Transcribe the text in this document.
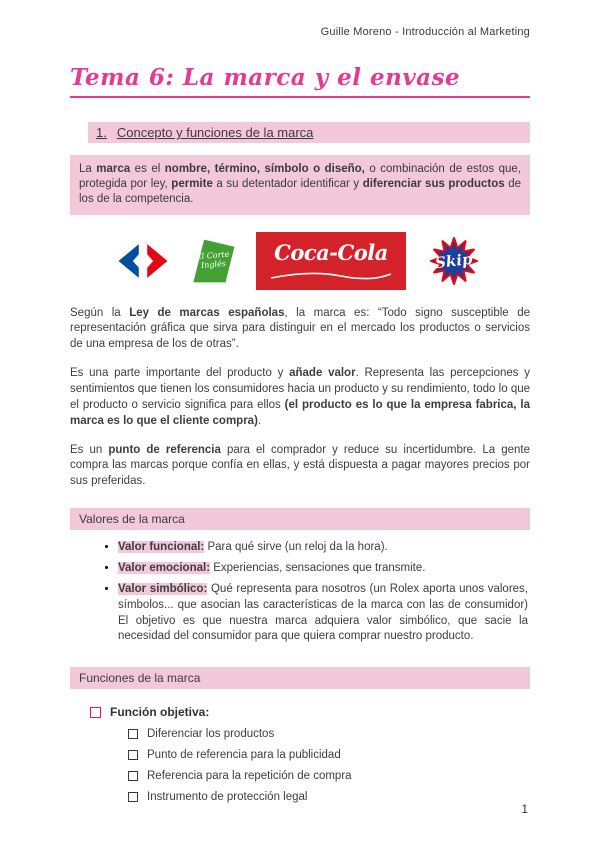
Guille Moreno - Introducción al Marketing
Tema 6: La marca y el envase
1. Concepto y funciones de la marca
La marca es el nombre, término, símbolo o diseño, o combinación de estos que, protegida por ley, permite a su detentador identificar y diferenciar sus productos de los de la competencia.
El Corte Inglés
Coca-Cola	Skip

Según la Ley de marcas españolas, la marca es: “Todo signo susceptible de representación gráfica que sirva para distinguir en el mercado los productos o servicios de una empresa de los de otras”.

Es una parte importante del producto y añade valor. Representa las percepciones y sentimientos que tienen los consumidores hacia un producto y su rendimiento, todo lo que el producto o servicio significa para ellos (el producto es lo que la empresa fabrica, la marca es lo que el cliente compra).

Es un punto de referencia para el comprador y reduce su incertidumbre. La gente compra las marcas porque confía en ellas, y está dispuesta a pagar mayores precios por sus preferidas.

Valores de la marca
• Valor funcional: Para qué sirve (un reloj da la hora).
• Valor emocional: Experiencias, sensaciones que transmite.
• Valor simbólico: Qué representa para nosotros (un Rolex aporta unos valores, símbolos... que asocian las características de la marca con las de consumidor) El objetivo es que nuestra marca adquiera valor simbólico, que sacie la necesidad del consumidor para que quiera comprar nuestro producto.
Funciones de la marca
Función objetiva:
Diferenciar los productos
Punto de referencia para la publicidad
Referencia para la repetición de compra
Instrumento de protección legal
1
